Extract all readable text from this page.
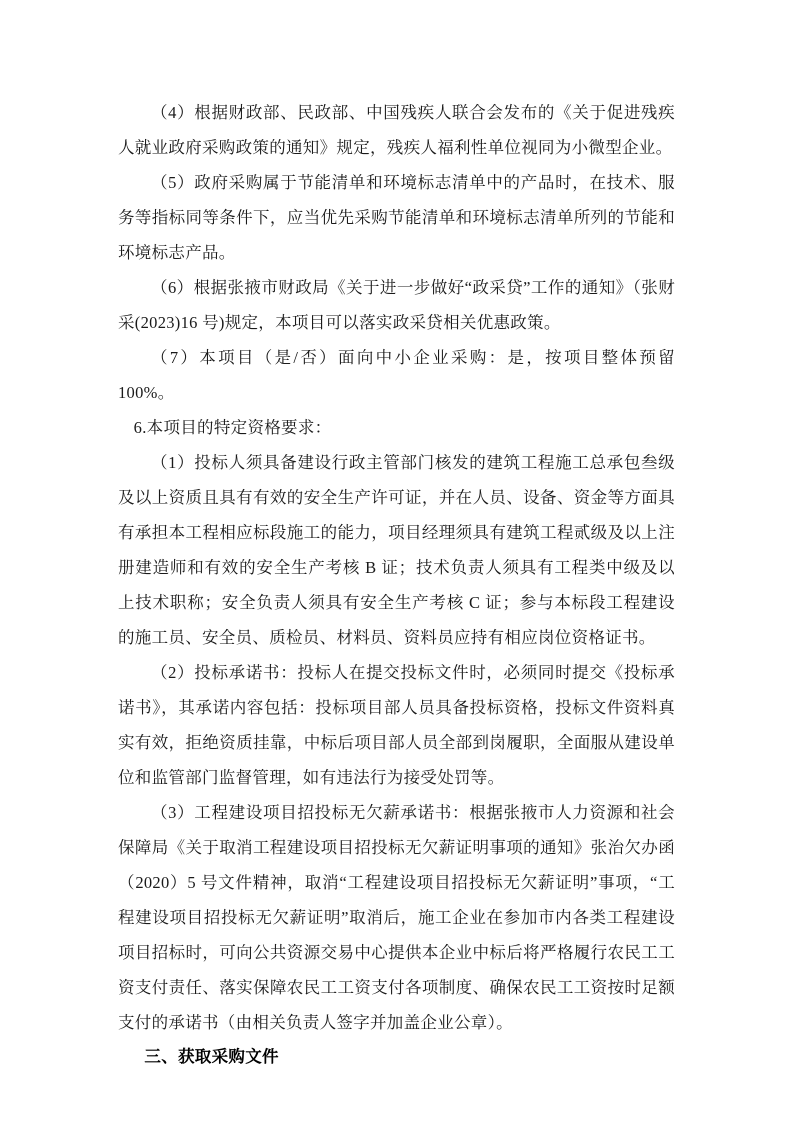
（4）根据财政部、民政部、中国残疾人联合会发布的《关于促进残疾人就业政府采购政策的通知》规定，残疾人福利性单位视同为小微型企业。

（5）政府采购属于节能清单和环境标志清单中的产品时，在技术、服务等指标同等条件下，应当优先采购节能清单和环境标志清单所列的节能和环境标志产品。

（6）根据张掖市财政局《关于进一步做好“政采贷”工作的通知》（张财采(2023)16 号)规定，本项目可以落实政采贷相关优惠政策。

（7）本项目（是/否）面向中小企业采购：是，按项目整体预留 100%。

6.本项目的特定资格要求：

（1）投标人须具备建设行政主管部门核发的建筑工程施工总承包叁级及以上资质且具有有效的安全生产许可证，并在人员、设备、资金等方面具有承担本工程相应标段施工的能力，项目经理须具有建筑工程贰级及以上注册建造师和有效的安全生产考核 B 证；技术负责人须具有工程类中级及以上技术职称；安全负责人须具有安全生产考核 C 证；参与本标段工程建设的施工员、安全员、质检员、材料员、资料员应持有相应岗位资格证书。

（2）投标承诺书：投标人在提交投标文件时，必须同时提交《投标承诺书》，其承诺内容包括：投标项目部人员具备投标资格，投标文件资料真实有效，拒绝资质挂靠，中标后项目部人员全部到岗履职，全面服从建设单位和监管部门监督管理，如有违法行为接受处罚等。

（3）工程建设项目招投标无欠薪承诺书：根据张掖市人力资源和社会保障局《关于取消工程建设项目招投标无欠薪证明事项的通知》张治欠办函（2020）5 号文件精神，取消“工程建设项目招投标无欠薪证明”事项，“工程建设项目招投标无欠薪证明”取消后，施工企业在参加市内各类工程建设项目招标时，可向公共资源交易中心提供本企业中标后将严格履行农民工工资支付责任、落实保障农民工工资支付各项制度、确保农民工工资按时足额支付的承诺书（由相关负责人签字并加盖企业公章）。

三、获取采购文件
